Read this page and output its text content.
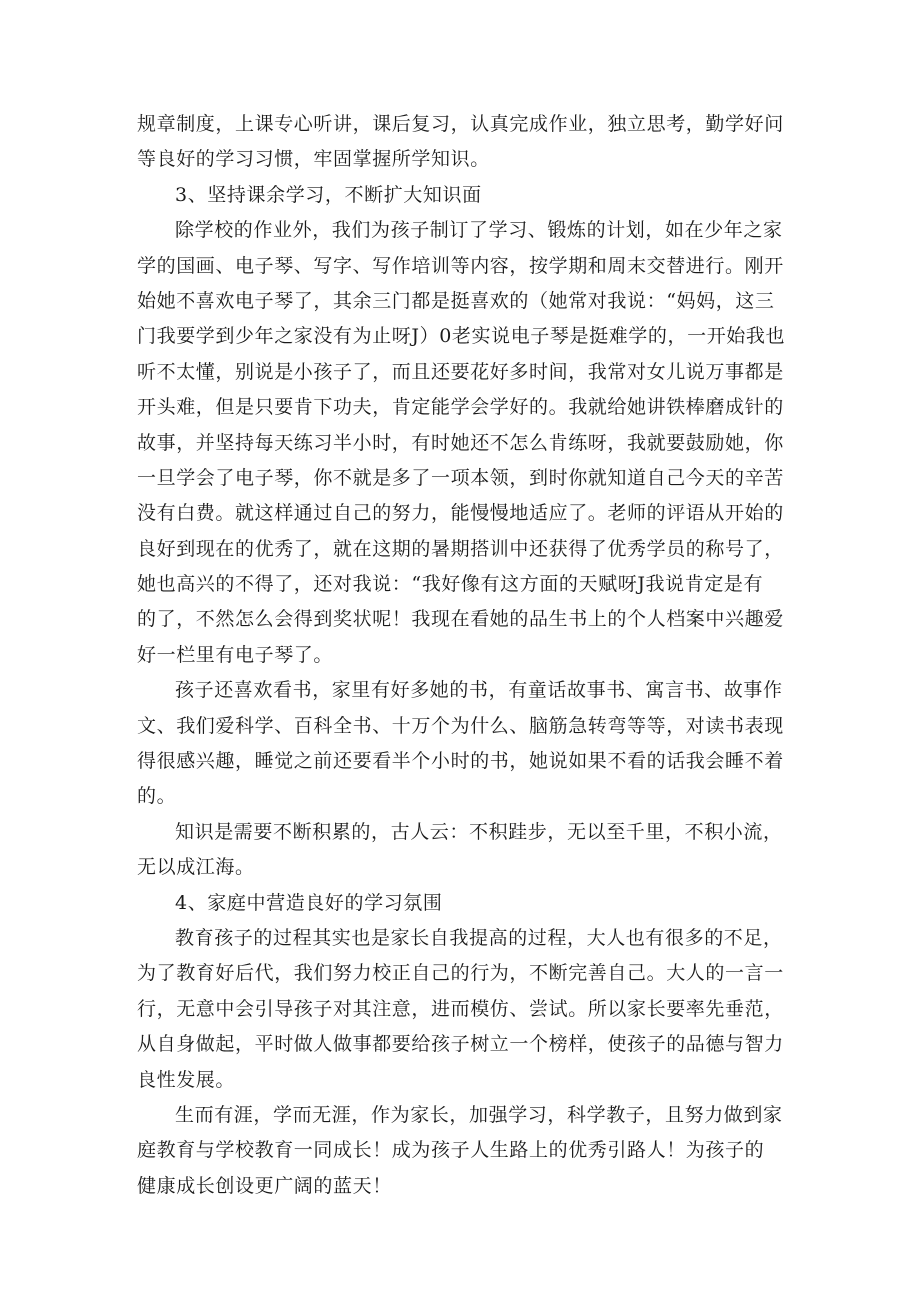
规章制度，上课专心听讲，课后复习，认真完成作业，独立思考，勤学好问
等良好的学习习惯，牢固掌握所学知识。
3、坚持课余学习，不断扩大知识面
除学校的作业外，我们为孩子制订了学习、锻炼的计划，如在少年之家
学的国画、电子琴、写字、写作培训等内容，按学期和周末交替进行。刚开
始她不喜欢电子琴了，其余三门都是挺喜欢的（她常对我说：“妈妈，这三
门我要学到少年之家没有为止呀J）0老实说电子琴是挺难学的，一开始我也
听不太懂，别说是小孩子了，而且还要花好多时间，我常对女儿说万事都是
开头难，但是只要肯下功夫，肯定能学会学好的。我就给她讲铁棒磨成针的
故事，并坚持每天练习半小时，有时她还不怎么肯练呀，我就要鼓励她，你
一旦学会了电子琴，你不就是多了一项本领，到时你就知道自己今天的辛苦
没有白费。就这样通过自己的努力，能慢慢地适应了。老师的评语从开始的
良好到现在的优秀了，就在这期的暑期搭训中还获得了优秀学员的称号了，
她也高兴的不得了，还对我说：“我好像有这方面的天赋呀J我说肯定是有
的了，不然怎么会得到奖状呢！我现在看她的品生书上的个人档案中兴趣爱
好一栏里有电子琴了。
孩子还喜欢看书，家里有好多她的书，有童话故事书、寓言书、故事作
文、我们爱科学、百科全书、十万个为什么、脑筋急转弯等等，对读书表现
得很感兴趣，睡觉之前还要看半个小时的书，她说如果不看的话我会睡不着
的。
知识是需要不断积累的，古人云：不积跬步，无以至千里，不积小流，
无以成江海。
4、家庭中营造良好的学习氛围
教育孩子的过程其实也是家长自我提高的过程，大人也有很多的不足，
为了教育好后代，我们努力校正自己的行为，不断完善自己。大人的一言一
行，无意中会引导孩子对其注意，进而模仿、尝试。所以家长要率先垂范，
从自身做起，平时做人做事都要给孩子树立一个榜样，使孩子的品德与智力
良性发展。
生而有涯，学而无涯，作为家长，加强学习，科学教子，且努力做到家
庭教育与学校教育一同成长！成为孩子人生路上的优秀引路人！为孩子的
健康成长创设更广阔的蓝天！
